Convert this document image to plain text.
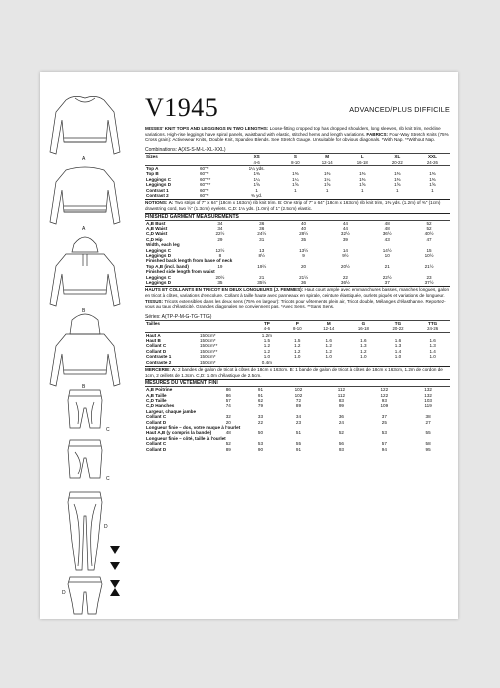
A
A
B
B
C
C
D
D
V1945	ADVANCED/PLUS DIFFICILE
MISSES' KNIT TOPS AND LEGGINGS IN TWO LENGTHS: Loose-fitting cropped top has dropped shoulders, long sleeves, rib knit trim, neckline variations. High-rise leggings have spiral panels, waistband with elastic, stitched hems and length variations. FABRICS: Four-Way Stretch Knits (75% Cross grain): Activewear Knits, Double Knit, Spandex Blends. See Stretch Gauge. Unsuitable for obvious diagonals. *With Nap. **Without Nap.
Combinations: A(XS-S-M-L-XL-XXL)
Sizes		XS	S	M	L	XL	XXL
		4-6	8-10	12-14	16-18	20-22	24-26
Top A	60"*	1¼ yds.					
Top B	60"*	1⅜	1⅜	1⅜	1⅜	1⅜	1⅜
Leggings C	60"**	1¼	1¼	1¼	1⅜	1⅜	1⅜
Leggings D	60"**	1⅝	1⅝	1⅝	1⅝	1⅝	1⅝
Contrast 1	60"*	1	1	1	1	1	1
Contrast 2	60"*	⅜ yd.					
NOTIONS: A: Two strips of 7" x 64" (18cm x 163cm) rib knit trim. B: One strip of 7" x 64" (18cm x 163cm) rib knit trim, 1⅜ yds. (1.2m) of ⅜" (1cm) drawstring cord, two ½" (1.3cm) eyelets. C,D: 1⅛ yds. (1.0m) of 1" (2.5cm) elastic.
FINISHED GARMENT MEASUREMENTS
A,B Bust	34	36	40	44	48	52
A,B Waist	34	36	40	44	48	52
C,D Waist	22½	24½	28½	32½	36½	40½
C,D Hip	29	31	35	39	43	47
Width, each leg						
Leggings C	12½	13	13½	14	14½	15
Leggings D	8	8½	9	9½	10	10½
Finished back length from base of neck						
Top A,B (incl. band)	19	19½	20	20½	21	21½
Finished side length from waist						
Leggings C	20½	21	21½	22	22½	23
Leggings D	35	35½	36	36½	37	37½
HAUTS ET COLLANTS EN TRICOT EN DEUX LONGUEURS (J. FEMMES): Haut court ample avec emmanchures basses, manches longues, galon en tricot à côtes, variations d'encolure. Collant à taille haute avec panneaux en spirale, ceinture élastiquée, ourlets piqués et variations de longueur. TISSUS: Tricots extensibles dans les deux sens (75% en largeur): Tricots pour vêtements plein air, Tricot double, Mélanges d'élasthanne. Reportez-vous au taux d'élasticité. Grandes diagonales ne conviennent pas. *Avec Sens. **Sans Sens.
Séries: A(TP-P-M-G-TG-TTG)
Tailles		TP	P	M	G	TG	TTG
		4-6	8-10	12-14	16-18	20-22	24-26
Haut A	150cm*	1.2m					
Haut B	150cm*	1.5	1.5	1.6	1.6	1.6	1.6
Collant C	150cm**	1.2	1.2	1.2	1.3	1.3	1.3
Collant D	150cm**	1.2	1.2	1.2	1.2	1.4	1.4
Contraste 1	150cm*	1.0	1.0	1.0	1.0	1.0	1.0
Contraste 2	150cm*	0.4m					
MERCERIE: A: 2 bandes de galon de tricot à côtes de 18cm x 163cm. B: 1 bande de galon de tricot à côtes de 18cm x 163cm, 1.2m de cordon de 1cm, 2 œillets de 1.3cm. C,D: 1.0m d'élastique de 2.5cm.
MESURES DU VÊTEMENT FINI
A,B Poitrine	86	91	102	112	122	132
A,B Taille	86	91	102	112	122	132
C,D Taille	57	62	72	83	93	103
C,D Hanches	74	79	89	99	109	119
Largeur, chaque jambe						
Collant C	32	33	34	36	37	38
Collant D	20	22	23	24	25	27
Longueur finie – dos, votre nuque à l'ourlet						
Haut A,B (y compris la bande)	48	50	51	52	53	55
Longueur finie – côté, taille à l'ourlet						
Collant C	52	53	55	56	57	58
Collant D	89	90	91	93	94	95
